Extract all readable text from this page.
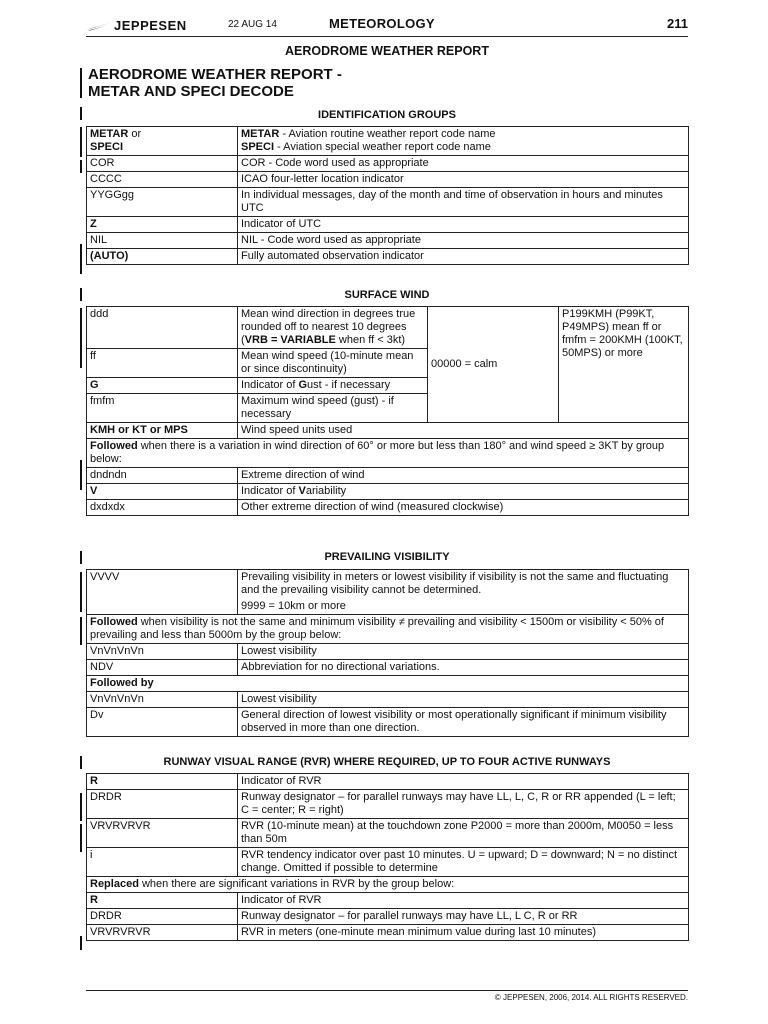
JEPPESEN	22 AUG 14	METEOROLOGY	211
AERODROME WEATHER REPORT
AERODROME WEATHER REPORT -
METAR AND SPECI DECODE
IDENTIFICATION GROUPS
METAR or
SPECI	METAR - Aviation routine weather report code name
SPECI - Aviation special weather report code name
COR	COR - Code word used as appropriate
CCCC	ICAO four-letter location indicator
YYGGgg	In individual messages, day of the month and time of observation in hours and minutes UTC
Z	Indicator of UTC
NIL	NIL - Code word used as appropriate
(AUTO)	Fully automated observation indicator
SURFACE WIND
ddd	Mean wind direction in degrees true rounded off to nearest 10 degrees (VRB = VARIABLE when ff < 3kt)	00000 = calm	P199KMH (P99KT, P49MPS) mean ff or fmfm = 200KMH (100KT, 50MPS) or more
ff	Mean wind speed (10-minute mean or since discontinuity)		
G	Indicator of Gust - if necessary		
fmfm	Maximum wind speed (gust) - if necessary		
KMH or KT or MPS	Wind speed units used		
Followed when there is a variation in wind direction of 60° or more but less than 180° and wind speed ≥ 3KT by group below:			
dndndn	Extreme direction of wind		
V	Indicator of Variability		
dxdxdx	Other extreme direction of wind (measured clockwise)		
PREVAILING VISIBILITY
VVVV	Prevailing visibility in meters or lowest visibility if visibility is not the same and fluctuating and the prevailing visibility cannot be determined.
9999 = 10km or more

Followed when visibility is not the same and minimum visibility ≠ prevailing and visibility < 1500m or visibility < 50% of prevailing and less than 5000m by the group below:	
VnVnVnVn	Lowest visibility
NDV	Abbreviation for no directional variations.
Followed by	
VnVnVnVn	Lowest visibility
Dv	General direction of lowest visibility or most operationally significant if minimum visibility observed in more than one direction.
RUNWAY VISUAL RANGE (RVR) WHERE REQUIRED, UP TO FOUR ACTIVE RUNWAYS
R	Indicator of RVR
DRDR	Runway designator – for parallel runways may have LL, L, C, R or RR appended (L = left; C = center; R = right)
VRVRVRVR	RVR (10-minute mean) at the touchdown zone P2000 = more than 2000m, M0050 = less than 50m
i	RVR tendency indicator over past 10 minutes. U = upward; D = downward; N = no distinct change. Omitted if possible to determine
Replaced when there are significant variations in RVR by the group below:	
R	Indicator of RVR
DRDR	Runway designator – for parallel runways may have LL, L C, R or RR
VRVRVRVR	RVR in meters (one-minute mean minimum value during last 10 minutes)
© JEPPESEN, 2006, 2014. ALL RIGHTS RESERVED.
